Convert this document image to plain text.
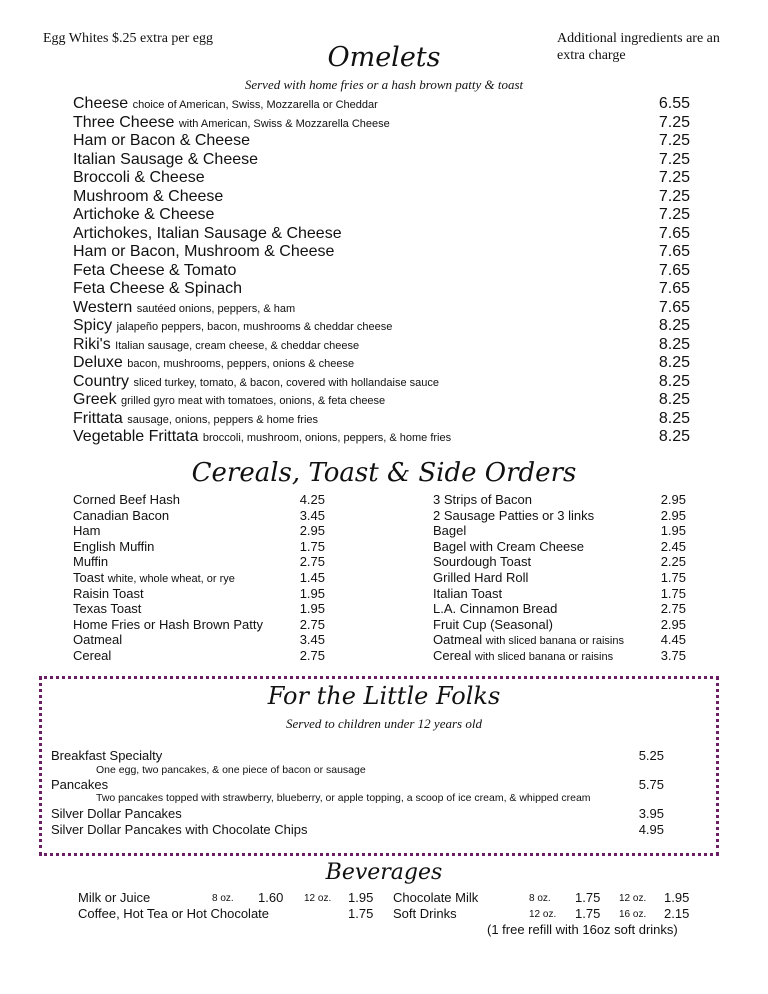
Egg Whites $.25 extra per egg	Additional ingredients are an extra charge
Omelets
Served with home fries or a hash brown patty & toast
Cheese choice of American, Swiss, Mozzarella or Cheddar	6.55
Three Cheese with American, Swiss & Mozzarella Cheese	7.25
Ham or Bacon & Cheese	7.25
Italian Sausage & Cheese	7.25
Broccoli & Cheese	7.25
Mushroom & Cheese	7.25
Artichoke & Cheese	7.25
Artichokes, Italian Sausage & Cheese	7.65
Ham or Bacon, Mushroom & Cheese	7.65
Feta Cheese & Tomato	7.65
Feta Cheese & Spinach	7.65
Western sautéed onions, peppers, & ham	7.65
Spicy jalapeño peppers, bacon, mushrooms & cheddar cheese	8.25
Riki's Italian sausage, cream cheese, & cheddar cheese	8.25
Deluxe bacon, mushrooms, peppers, onions & cheese	8.25
Country sliced turkey, tomato, & bacon, covered with hollandaise sauce	8.25
Greek grilled gyro meat with tomatoes, onions, & feta cheese	8.25
Frittata sausage, onions, peppers & home fries	8.25
Vegetable Frittata broccoli, mushroom, onions, peppers, & home fries	8.25
Cereals, Toast & Side Orders
Corned Beef Hash	4.25
Canadian Bacon	3.45
Ham	2.95
English Muffin	1.75
Muffin	2.75
Toast white, whole wheat, or rye	1.45
Raisin Toast	1.95
Texas Toast	1.95
Home Fries or Hash Brown Patty	2.75
Oatmeal	3.45
Cereal	2.75
3 Strips of Bacon	2.95
2 Sausage Patties or 3 links	2.95
Bagel	1.95
Bagel with Cream Cheese	2.45
Sourdough Toast	2.25
Grilled Hard Roll	1.75
Italian Toast	1.75
L.A. Cinnamon Bread	2.75
Fruit Cup (Seasonal)	2.95
Oatmeal with sliced banana or raisins	4.45
Cereal with sliced banana or raisins	3.75
For the Little Folks
Served to children under 12 years old
Breakfast Specialty	5.25
One egg, two pancakes, & one piece of bacon or sausage
Pancakes	5.75
Two pancakes topped with strawberry, blueberry, or apple topping, a scoop of ice cream, & whipped cream
Silver Dollar Pancakes	3.95
Silver Dollar Pancakes with Chocolate Chips	4.95
Beverages
Milk or Juice	8 oz. 1.60 12 oz. 1.95
Coffee, Hot Tea or Hot Chocolate	1.75
Chocolate Milk	8 oz. 1.75 12 oz. 1.95
Soft Drinks	12 oz. 1.75 16 oz. 2.15
(1 free refill with 16oz soft drinks)
